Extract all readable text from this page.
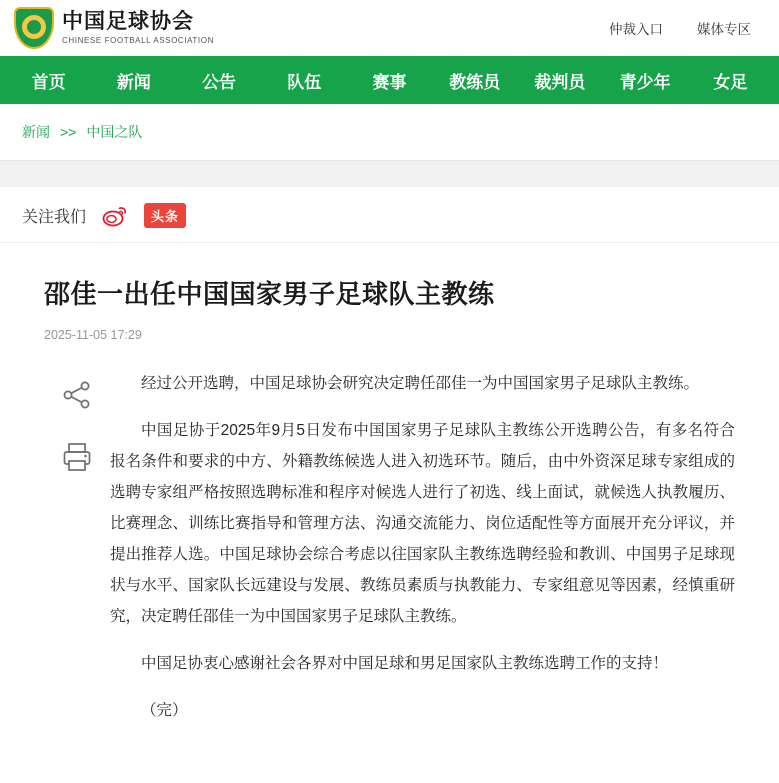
中国足球协会
CHINESE FOOTBALL ASSOCIATION
仲裁入口	媒体专区
首页	新闻	公告	队伍	赛事	教练员	裁判员	青少年	女足
新闻 >> 中国之队
关注我们	头条
邵佳一出任中国国家男子足球队主教练
2025-11-05 17:29

经过公开选聘，中国足球协会研究决定聘任邵佳一为中国国家男子足球队主教练。

中国足协于2025年9月5日发布中国国家男子足球队主教练公开选聘公告，有多名符合报名条件和要求的中方、外籍教练候选人进入初选环节。随后，由中外资深足球专家组成的选聘专家组严格按照选聘标准和程序对候选人进行了初选、线上面试，就候选人执教履历、比赛理念、训练比赛指导和管理方法、沟通交流能力、岗位适配性等方面展开充分评议，并提出推荐人选。中国足球协会综合考虑以往国家队主教练选聘经验和教训、中国男子足球现状与水平、国家队长远建设与发展、教练员素质与执教能力、专家组意见等因素，经慎重研究，决定聘任邵佳一为中国国家男子足球队主教练。

中国足协衷心感谢社会各界对中国足球和男足国家队主教练选聘工作的支持！

（完）
